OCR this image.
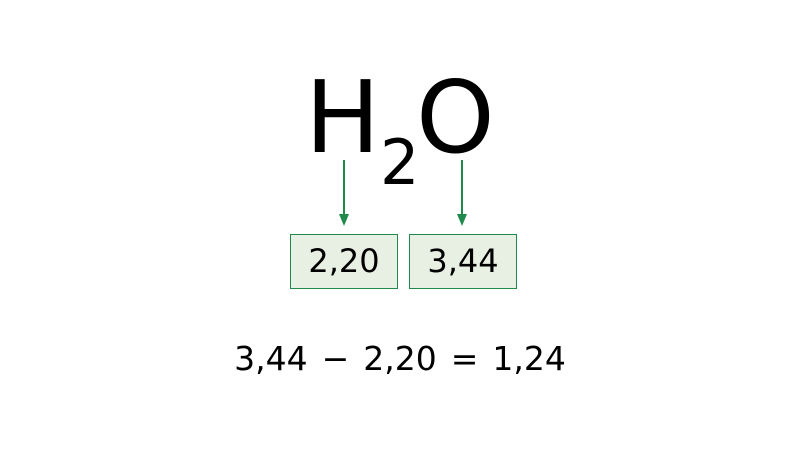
H 2
O
2,20	3,44
3,44 − 2,20 = 1,24
